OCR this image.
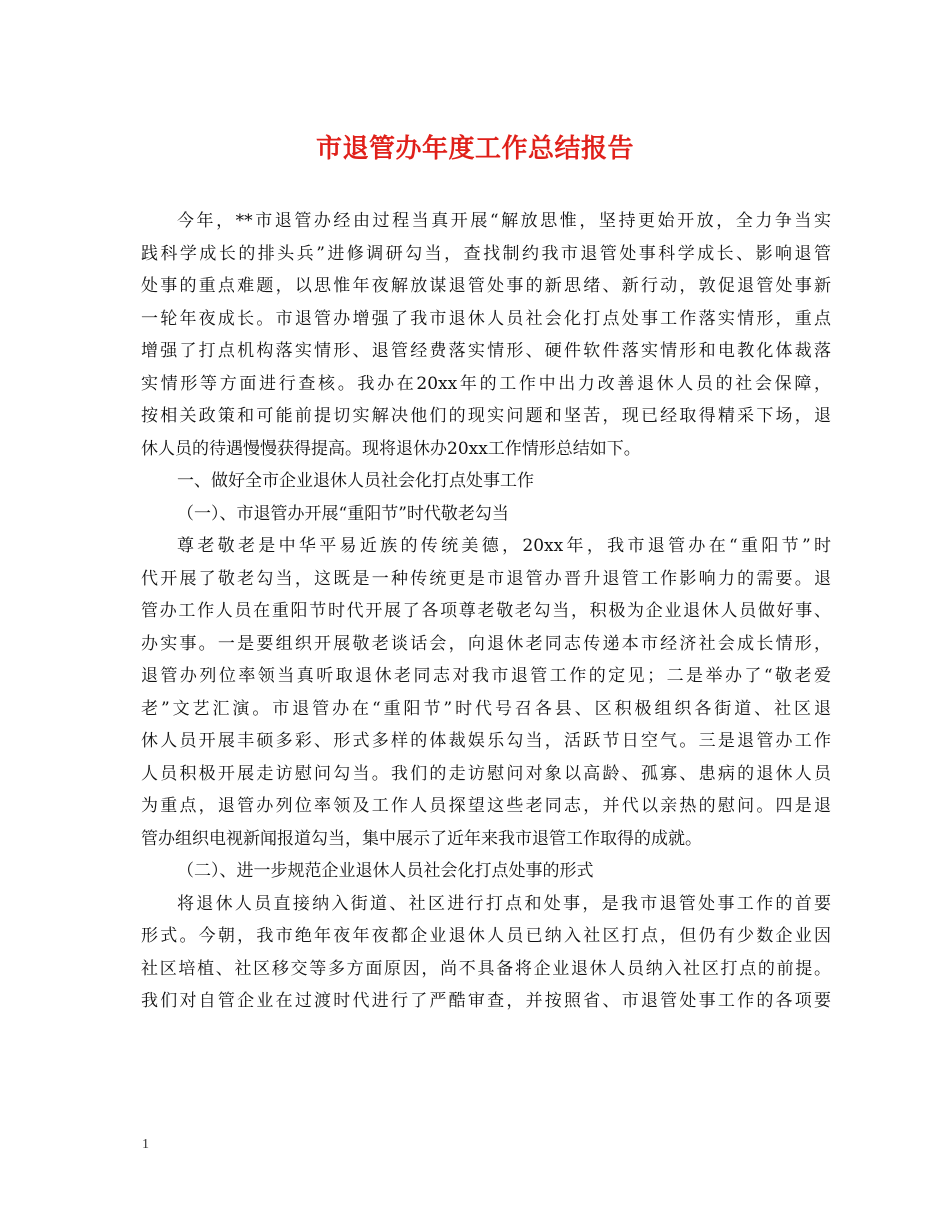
市退管办年度工作总结报告

今年，**市退管办经由过程当真开展“解放思惟，坚持更始开放，全力争当实

践科学成长的排头兵”进修调研勾当，查找制约我市退管处事科学成长、影响退管

处事的重点难题，以思惟年夜解放谋退管处事的新思绪、新行动，敦促退管处事新

一轮年夜成长。市退管办增强了我市退休人员社会化打点处事工作落实情形，重点

增强了打点机构落实情形、退管经费落实情形、硬件软件落实情形和电教化体裁落

实情形等方面进行查核。我办在20xx年的工作中出力改善退休人员的社会保障，

按相关政策和可能前提切实解决他们的现实问题和坚苦，现已经取得精采下场，退

休人员的待遇慢慢获得提高。现将退休办20xx工作情形总结如下。

一、做好全市企业退休人员社会化打点处事工作

（一）、市退管办开展“重阳节”时代敬老勾当

尊老敬老是中华平易近族的传统美德，20xx年，我市退管办在“重阳节”时

代开展了敬老勾当，这既是一种传统更是市退管办晋升退管工作影响力的需要。退

管办工作人员在重阳节时代开展了各项尊老敬老勾当，积极为企业退休人员做好事、

办实事。一是要组织开展敬老谈话会，向退休老同志传递本市经济社会成长情形，

退管办列位率领当真听取退休老同志对我市退管工作的定见；二是举办了“敬老爱

老”文艺汇演。市退管办在“重阳节”时代号召各县、区积极组织各街道、社区退

休人员开展丰硕多彩、形式多样的体裁娱乐勾当，活跃节日空气。三是退管办工作

人员积极开展走访慰问勾当。我们的走访慰问对象以高龄、孤寡、患病的退休人员

为重点，退管办列位率领及工作人员探望这些老同志，并代以亲热的慰问。四是退

管办组织电视新闻报道勾当，集中展示了近年来我市退管工作取得的成就。

（二）、进一步规范企业退休人员社会化打点处事的形式

将退休人员直接纳入街道、社区进行打点和处事，是我市退管处事工作的首要

形式。今朝，我市绝年夜年夜都企业退休人员已纳入社区打点，但仍有少数企业因

社区培植、社区移交等多方面原因，尚不具备将企业退休人员纳入社区打点的前提。

我们对自管企业在过渡时代进行了严酷审查，并按照省、市退管处事工作的各项要

1
